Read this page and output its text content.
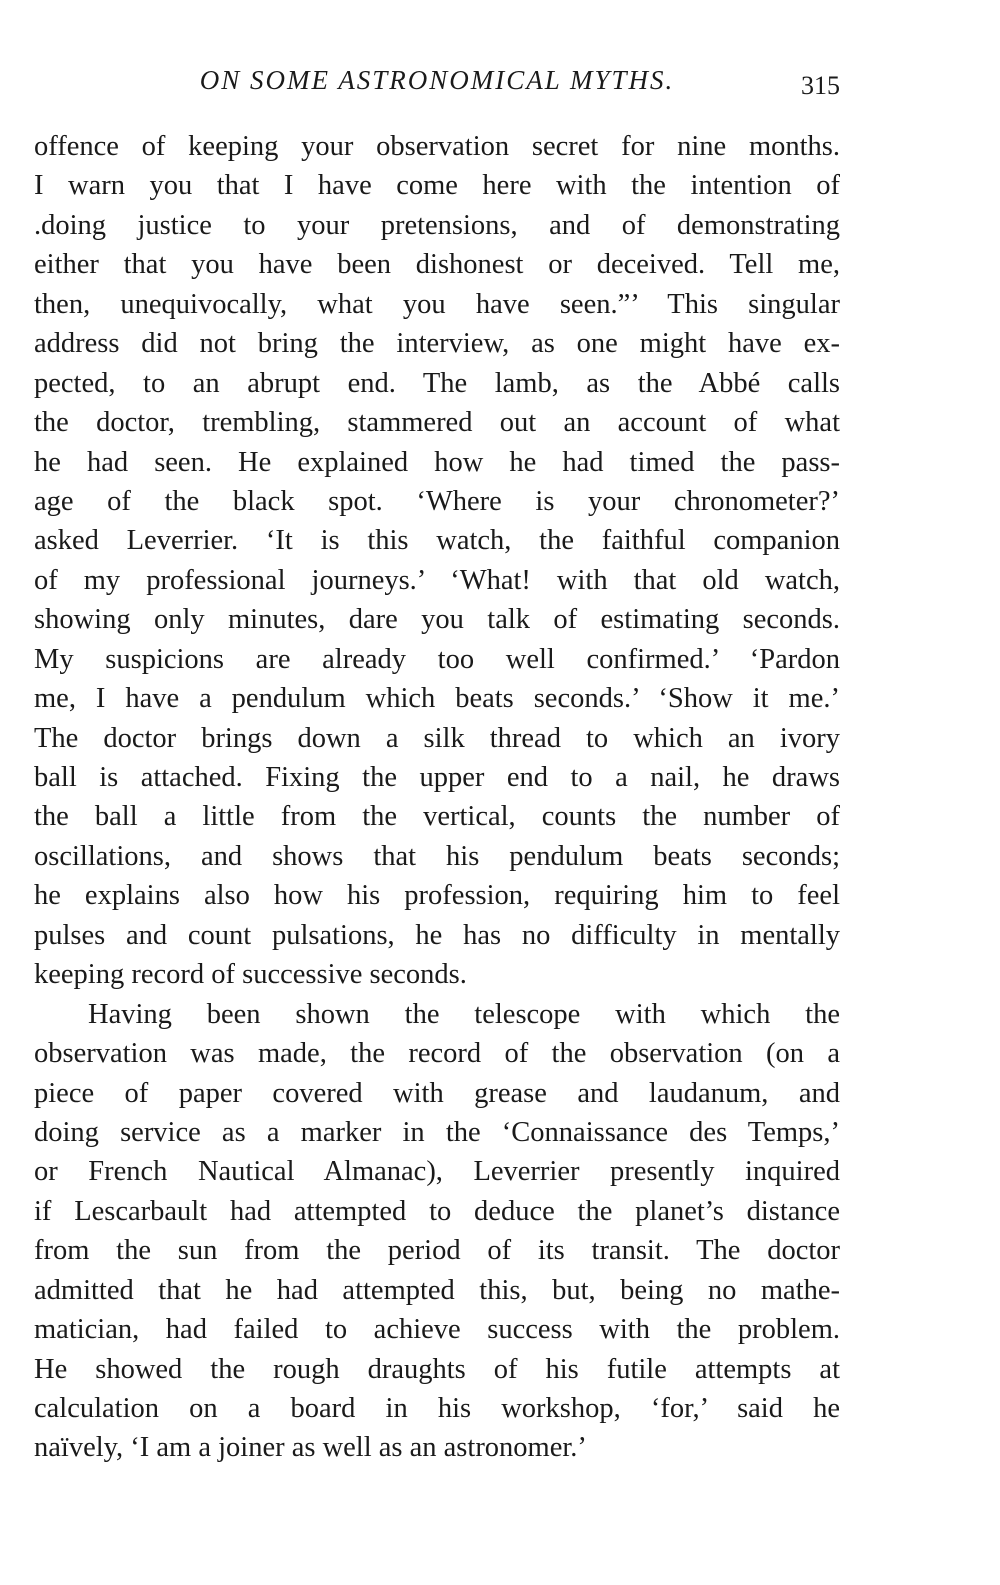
ON SOME ASTRONOMICAL MYTHS.	315
offence of keeping your observation secret for nine months.
I warn you that I have come here with the intention of
.doing justice to your pretensions, and of demonstrating
either that you have been dishonest or deceived. Tell me,
then, unequivocally, what you have seen.”’ This singular
address did not bring the interview, as one might have ex-
pected, to an abrupt end. The lamb, as the Abbé calls
the doctor, trembling, stammered out an account of what
he had seen. He explained how he had timed the pass-
age of the black spot. ‘Where is your chronometer?’
asked Leverrier. ‘It is this watch, the faithful companion
of my professional journeys.’ ‘What! with that old watch,
showing only minutes, dare you talk of estimating seconds.
My suspicions are already too well confirmed.’ ‘Pardon
me, I have a pendulum which beats seconds.’ ‘Show it me.’
The doctor brings down a silk thread to which an ivory
ball is attached. Fixing the upper end to a nail, he draws
the ball a little from the vertical, counts the number of
oscillations, and shows that his pendulum beats seconds;
he explains also how his profession, requiring him to feel
pulses and count pulsations, he has no difficulty in mentally
keeping record of successive seconds.
Having been shown the telescope with which the
observation was made, the record of the observation (on a
piece of paper covered with grease and laudanum, and
doing service as a marker in the ‘Connaissance des Temps,’
or French Nautical Almanac), Leverrier presently inquired
if Lescarbault had attempted to deduce the planet’s distance
from the sun from the period of its transit. The doctor
admitted that he had attempted this, but, being no mathe-
matician, had failed to achieve success with the problem.
He showed the rough draughts of his futile attempts at
calculation on a board in his workshop, ‘for,’ said he
naïvely, ‘I am a joiner as well as an astronomer.’
